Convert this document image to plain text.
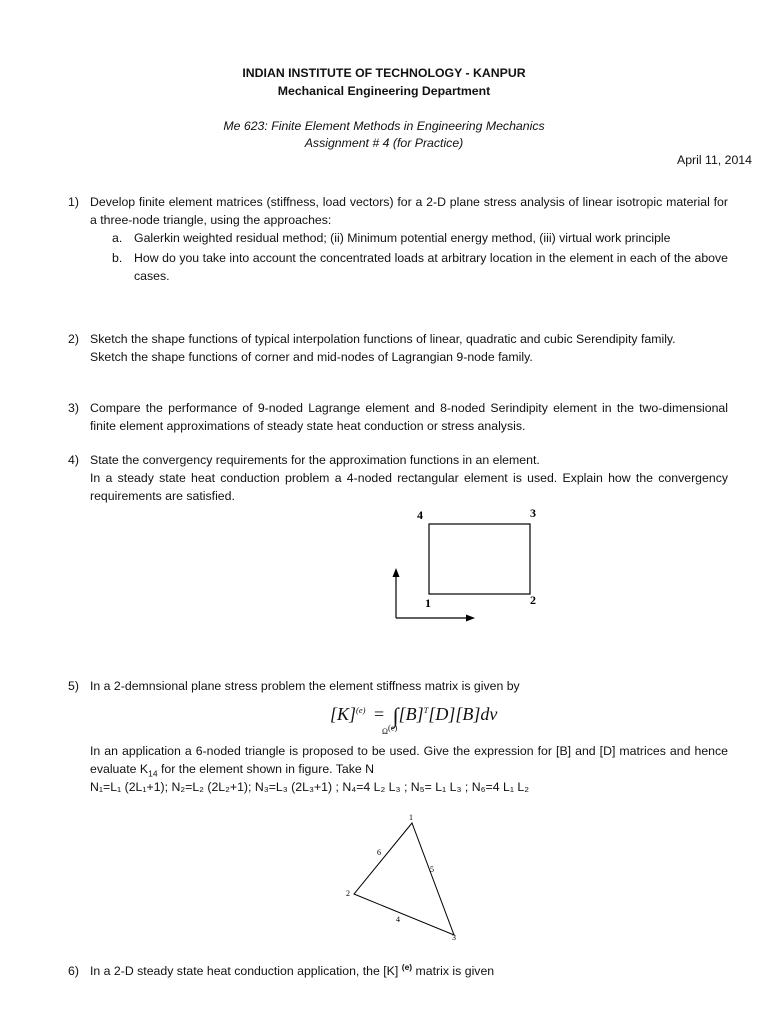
INDIAN INSTITUTE OF TECHNOLOGY - KANPUR
Mechanical Engineering Department
Me 623: Finite Element Methods in Engineering Mechanics
Assignment # 4 (for Practice)
April 11, 2014
1) Develop finite element matrices (stiffness, load vectors) for a 2-D plane stress analysis of linear isotropic material for a three-node triangle, using the approaches:

a. Galerkin weighted residual method; (ii) Minimum potential energy method, (iii) virtual work principle
b. How do you take into account the concentrated loads at arbitrary location in the element in each of the above cases.
2) Sketch the shape functions of typical interpolation functions of linear, quadratic and cubic Serendipity family.

Sketch the shape functions of corner and mid-nodes of Lagrangian 9-node family.

3) Compare the performance of 9-noded Lagrange element and 8-noded Serindipity element in the two-dimensional finite element approximations of steady state heat conduction or stress analysis.

4) State the convergency requirements for the approximation functions in an element.

In a steady state heat conduction problem a 4-noded rectangular element is used. Explain how the convergency requirements are satisfied.

4	3
1	2
5) In a 2-demnsional plane stress problem the element stiffness matrix is given by

$[K]^{(e)} = \int[B]^T[D][B]dv$
$\Omega^{(e)}$

In an application a 6-noded triangle is proposed to be used. Give the expression for [B] and [D] matrices and hence evaluate $K_{14}$ for the element shown in figure. Take N

N₁=L₁ (2L₁+1); N₂=L₂ (2L₂+1); N₃=L₃ (2L₃+1) ; N₄=4 L₂ L₃ ; N₅= L₁ L₃ ; N₆=4 L₁ L₂

1
2
3
4
5
6
6) In a 2-D steady state heat conduction application, the [K] $^{(e)}$ matrix is given
